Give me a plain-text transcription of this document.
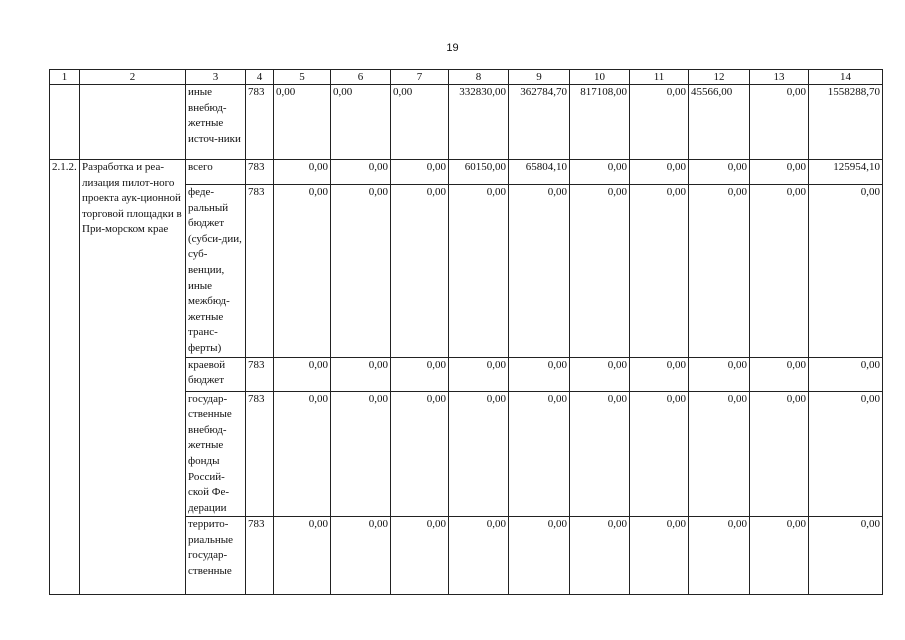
19
1	2	3	4	5	6	7	8	9	10	11	12	13	14
		иные внебюд-жетные источ-ники	783	0,00	0,00	0,00	332830,00	362784,70	817108,00	0,00	45566,00	0,00	1558288,70
2.1.2.	Разработка и реа-лизация пилот-ного проекта аук-ционной торговой площадки в При-морском крае	всего	783	0,00	0,00	0,00	60150,00	65804,10	0,00	0,00	0,00	0,00	125954,10
		феде-ральный бюджет (субси-дии, суб-венции, иные межбюд-жетные транс-ферты)	783	0,00	0,00	0,00	0,00	0,00	0,00	0,00	0,00	0,00	0,00
		краевой бюджет	783	0,00	0,00	0,00	0,00	0,00	0,00	0,00	0,00	0,00	0,00
		государ-ственные внебюд-жетные фонды Россий-ской Фе-дерации	783	0,00	0,00	0,00	0,00	0,00	0,00	0,00	0,00	0,00	0,00
		террито-риальные государ-ственные	783	0,00	0,00	0,00	0,00	0,00	0,00	0,00	0,00	0,00	0,00
